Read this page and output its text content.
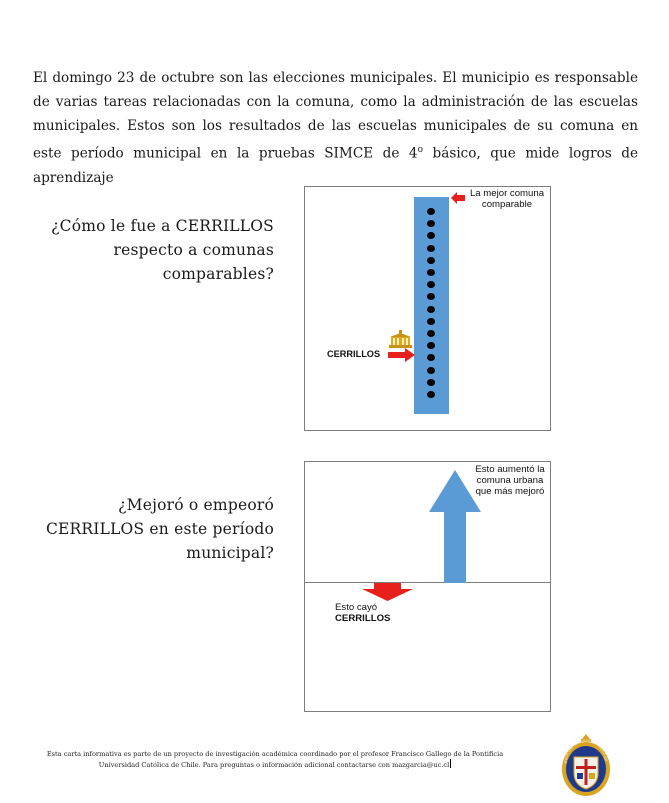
El domingo 23 de octubre son las elecciones municipales. El municipio es responsable de varias tareas relacionadas con la comuna, como la administración de las escuelas municipales. Estos son los resultados de las escuelas municipales de su comuna en este período municipal en la pruebas SIMCE de 4$^o$ básico, que mide logros de aprendizaje

¿Cómo le fue a CERRILLOS
respecto a comunas
comparables?
La mejor comuna
comparable
CERRILLOS
¿Mejoró o empeoró
CERRILLOS en este período
municipal?
Esto aumentó la
comuna urbana
que más mejoró
Esto cayó
CERRILLOS
Esta carta informativa es parte de un proyecto de investigación académica coordinado por el profesor Francisco Gallego de la Pontificia
Universidad Católica de Chile. Para preguntas o información adicional contactarse con mazgarcia@uc.cl	IFICIA UNIVERSIDAD CATÓLICA DE
